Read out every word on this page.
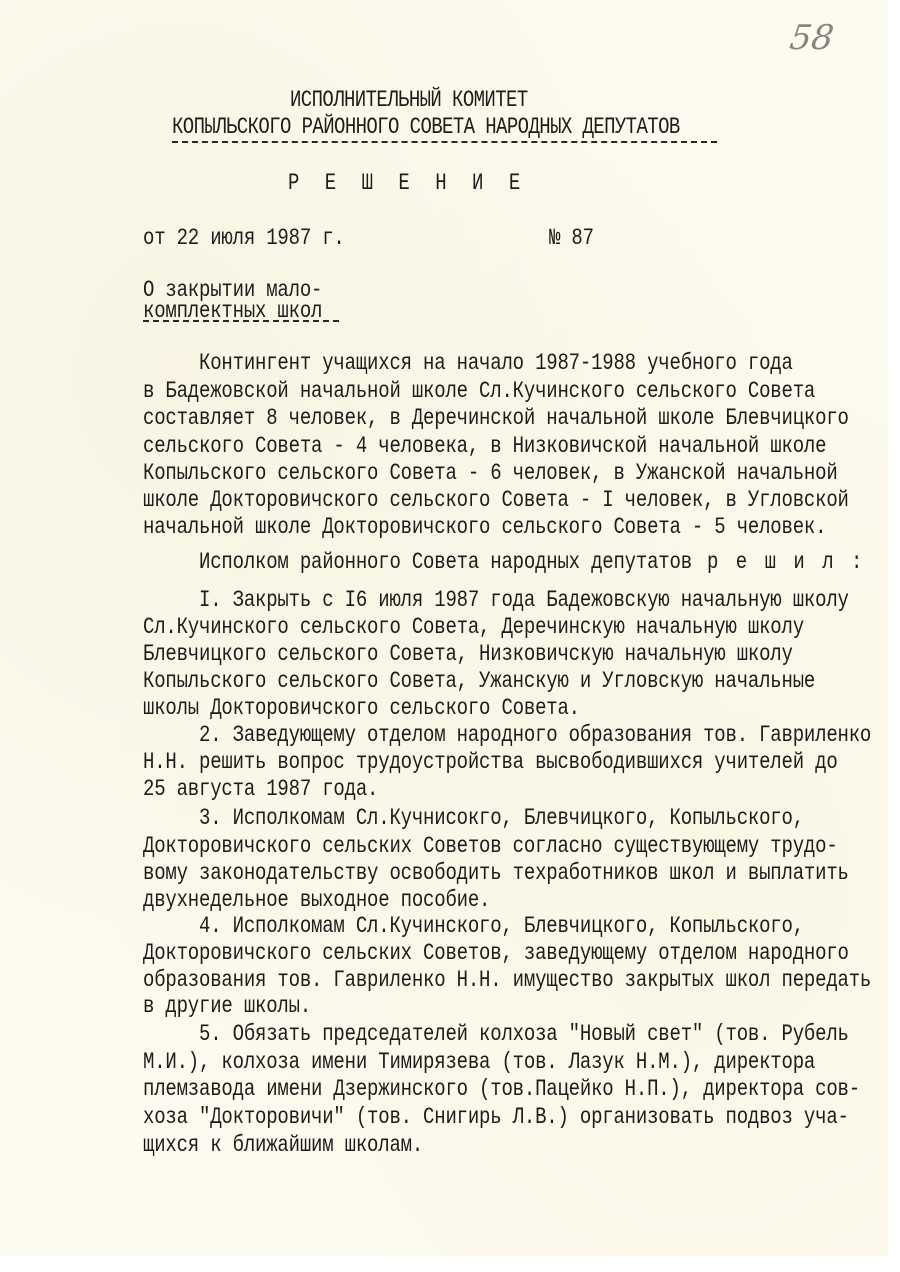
58
ИСПОЛНИТЕЛЬНЫЙ КОМИТЕТ
КОПЫЛЬСКОГО РАЙОННОГО СОВЕТА НАРОДНЫХ ДЕПУТАТОВ
Р Е Ш Е Н И Е
от 22 июля 1987 г.	№ 87
О закрытии мало-
комплектных школ
Контингент учащихся на начало 1987-1988 учебного года
в Бадежовской начальной школе Сл.Кучинского сельского Совета
составляет 8 человек, в Деречинской начальной школе Блевчицкого
сельского Совета - 4 человека, в Низковичской начальной школе
Копыльского сельского Совета - 6 человек, в Ужанской начальной
школе Докторовичского сельского Совета - I человек, в Угловской
начальной школе Докторовичского сельского Совета - 5 человек.
Исполком районного Совета народных депутатов р е ш и л :
I. Закрыть с I6 июля 1987 года Бадежовскую начальную школу
Сл.Кучинского сельского Совета, Деречинскую начальную школу
Блевчицкого сельского Совета, Низковичскую начальную школу
Копыльского сельского Совета, Ужанскую и Угловскую начальные
школы Докторовичского сельского Совета.
2. Заведующему отделом народного образования тов. Гавриленко
Н.Н. решить вопрос трудоустройства высвободившихся учителей до
25 августа 1987 года.
3. Исполкомам Сл.Кучнисокго, Блевчицкого, Копыльского,
Докторовичского сельских Советов согласно существующему трудо-
вому законодательству освободить техработников школ и выплатить
двухнедельное выходное пособие.
4. Исполкомам Сл.Кучинского, Блевчицкого, Копыльского,
Докторовичского сельских Советов, заведующему отделом народного
образования тов. Гавриленко Н.Н. имущество закрытых школ передать
в другие школы.
5. Обязать председателей колхоза "Новый свет" (тов. Рубель
М.И.), колхоза имени Тимирязева (тов. Лазук Н.М.), директора
племзавода имени Дзержинского (тов.Пацейко Н.П.), директора сов-
хоза "Докторовичи" (тов. Снигирь Л.В.) организовать подвоз уча-
щихся к ближайшим школам.
